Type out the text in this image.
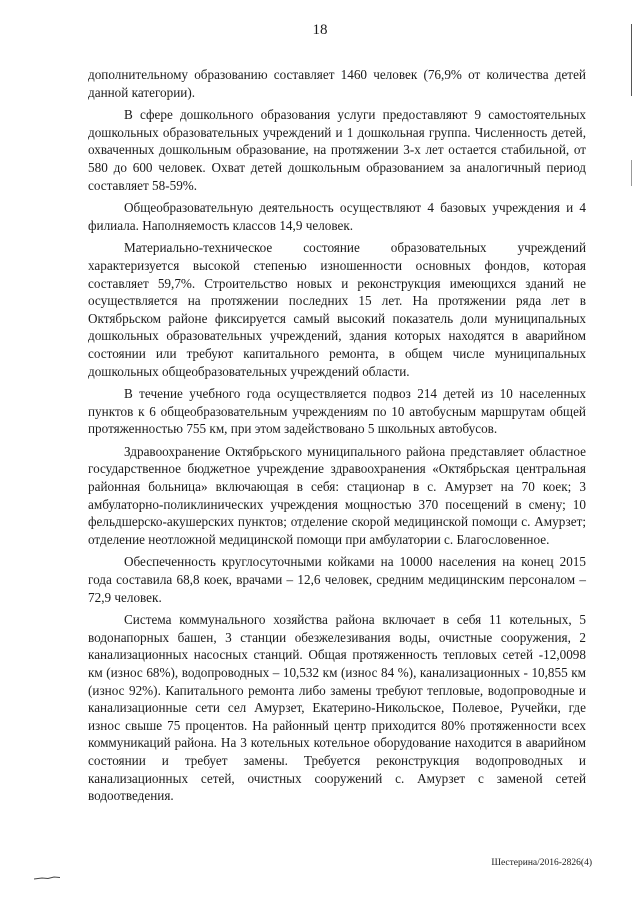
18

дополнительному образованию составляет 1460 человек (76,9% от количества детей данной категории).

В сфере дошкольного образования услуги предоставляют 9 самостоятельных дошкольных образовательных учреждений и 1 дошкольная группа. Численность детей, охваченных дошкольным образование, на протяжении 3-х лет остается стабильной, от 580 до 600 человек. Охват детей дошкольным образованием за аналогичный период составляет 58-59%.

Общеобразовательную деятельность осуществляют 4 базовых учреждения и 4 филиала. Наполняемость классов 14,9 человек.

Материально-техническое состояние образовательных учреждений характеризуется высокой степенью изношенности основных фондов, которая составляет 59,7%. Строительство новых и реконструкция имеющихся зданий не осуществляется на протяжении последних 15 лет. На протяжении ряда лет в Октябрьском районе фиксируется самый высокий показатель доли муниципальных дошкольных образовательных учреждений, здания которых находятся в аварийном состоянии или требуют капитального ремонта, в общем числе муниципальных дошкольных общеобразовательных учреждений области.

В течение учебного года осуществляется подвоз 214 детей из 10 населенных пунктов к 6 общеобразовательным учреждениям по 10 автобусным маршрутам общей протяженностью 755 км, при этом задействовано 5 школьных автобусов.

Здравоохранение Октябрьского муниципального района представляет областное государственное бюджетное учреждение здравоохранения «Октябрьская центральная районная больница» включающая в себя: стационар в с. Амурзет на 70 коек; 3 амбулаторно-поликлинических учреждения мощностью 370 посещений в смену; 10 фельдшерско-акушерских пунктов; отделение скорой медицинской помощи с. Амурзет; отделение неотложной медицинской помощи при амбулатории с. Благословенное.

Обеспеченность круглосуточными койками на 10000 населения на конец 2015 года составила 68,8 коек, врачами – 12,6 человек, средним медицинским персоналом – 72,9 человек.

Система коммунального хозяйства района включает в себя 11 котельных, 5 водонапорных башен, 3 станции обезжелезивания воды, очистные сооружения, 2 канализационных насосных станций. Общая протяженность тепловых сетей -12,0098 км (износ 68%), водопроводных – 10,532 км (износ 84 %), канализационных - 10,855 км (износ 92%). Капитального ремонта либо замены требуют тепловые, водопроводные и канализационные сети сел Амурзет, Екатерино-Никольское, Полевое, Ручейки, где износ свыше 75 процентов. На районный центр приходится 80% протяженности всех коммуникаций района. На 3 котельных котельное оборудование находится в аварийном состоянии и требует замены. Требуется реконструкция водопроводных и канализационных сетей, очистных сооружений с. Амурзет с заменой сетей водоотведения.

Шестерина/2016-2826(4)
